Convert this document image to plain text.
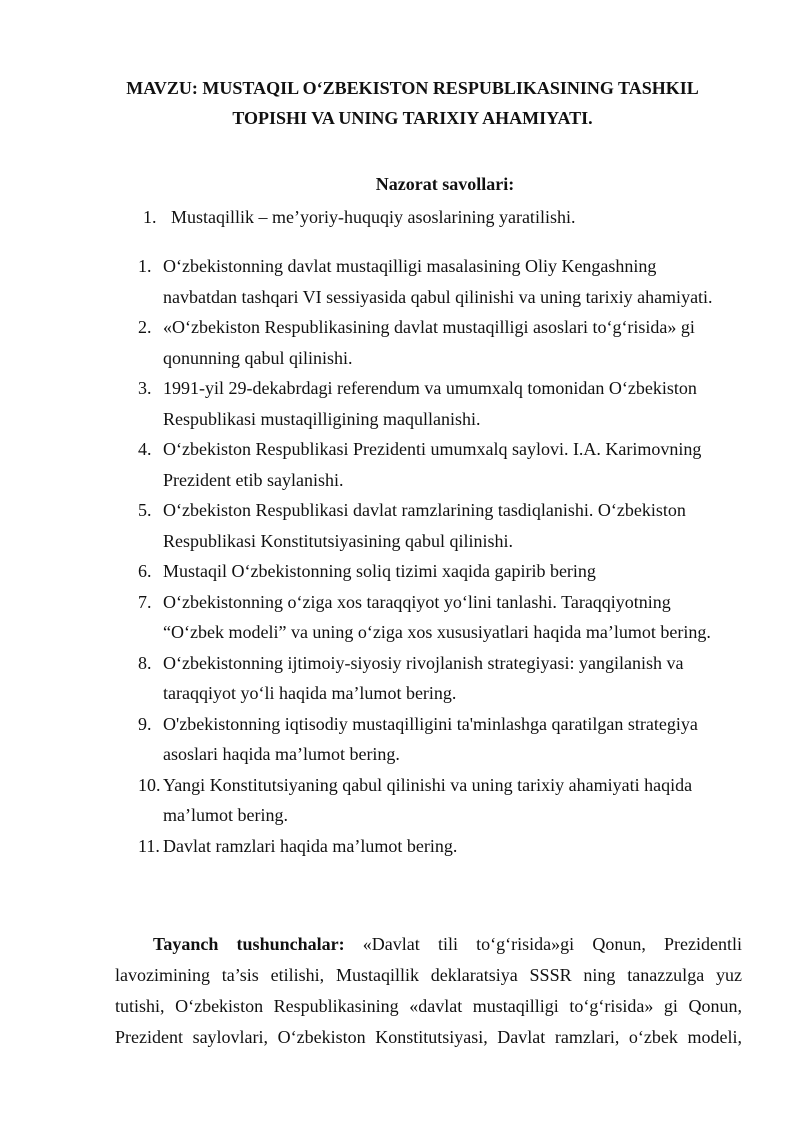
MAVZU: MUSTAQIL O‘ZBEKISTON RESPUBLIKASINING TASHKIL
TOPISHI VA UNING TARIXIY AHAMIYATI.
Nazorat savollari:
1. Mustaqillik – me’yoriy-huquqiy asoslarining yaratilishi.
1. O‘zbekistonning davlat mustaqilligi masalasining Oliy Kengashning
navbatdan tashqari VI sessiyasida qabul qilinishi va uning tarixiy ahamiyati.
2. «O‘zbekiston Respublikasining davlat mustaqilligi asoslari to‘g‘risida» gi
qonunning qabul qilinishi.
3. 1991-yil 29-dekabrdagi referendum va umumxalq tomonidan O‘zbekiston
Respublikasi mustaqilligining maqullanishi.
4. O‘zbekiston Respublikasi Prezidenti umumxalq saylovi. I.A. Karimovning
Prezident etib saylanishi.
5. O‘zbekiston Respublikasi davlat ramzlarining tasdiqlanishi. O‘zbekiston
Respublikasi Konstitutsiyasining qabul qilinishi.
6. Mustaqil O‘zbekistonning soliq tizimi xaqida gapirib bering
7. O‘zbekistonning o‘ziga xos taraqqiyot yo‘lini tanlashi. Taraqqiyotning
“O‘zbek modeli” va uning o‘ziga xos xususiyatlari haqida ma’lumot bering.
8. O‘zbekistonning ijtimoiy-siyosiy rivojlanish strategiyasi: yangilanish va
taraqqiyot yo‘li haqida ma’lumot bering.
9. O'zbekistonning iqtisodiy mustaqilligini ta'minlashga qaratilgan strategiya
asoslari haqida ma’lumot bering.
10. Yangi Konstitutsiyaning qabul qilinishi va uning tarixiy ahamiyati haqida
ma’lumot bering.
11. Davlat ramzlari haqida ma’lumot bering.
Tayanch tushunchalar: «Davlat tili to‘g‘risida»gi Qonun, Prezidentli
lavozimining ta’sis etilishi, Mustaqillik deklaratsiya SSSR ning tanazzulga yuz
tutishi, O‘zbekiston Respublikasining «davlat mustaqilligi to‘g‘risida» gi Qonun,
Prezident saylovlari, O‘zbekiston Konstitutsiyasi, Davlat ramzlari, o‘zbek modeli,
